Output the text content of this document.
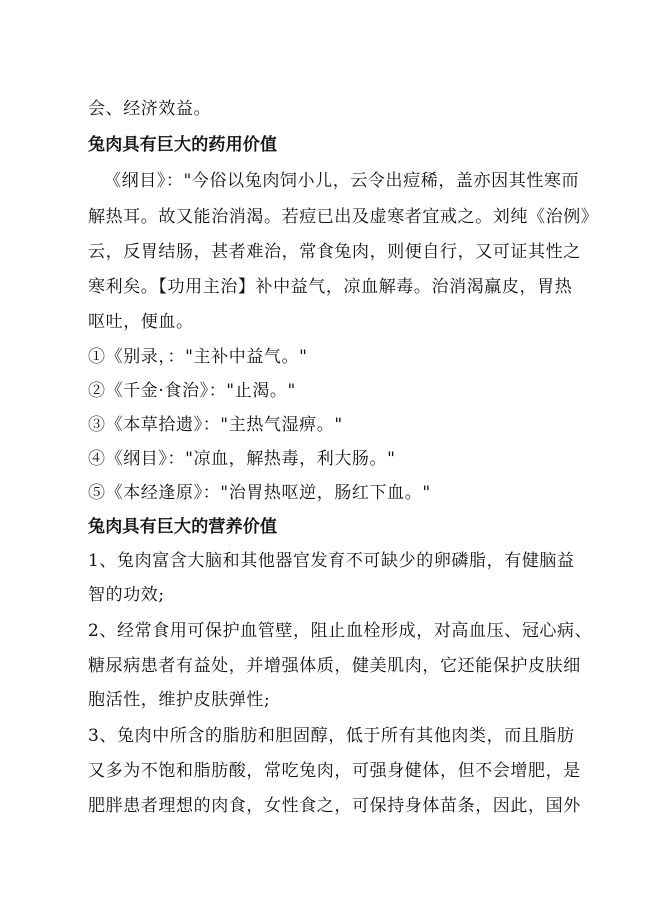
会、经济效益。
兔肉具有巨大的药用价值
《纲目》："今俗以兔肉饲小儿，云令出痘稀，盖亦因其性寒而
解热耳。故又能治消渴。若痘已出及虚寒者宜戒之。刘纯《治例》
云，反胃结肠，甚者难治，常食兔肉，则便自行，又可证其性之
寒利矣。【功用主治】补中益气，凉血解毒。治消渴羸皮，胃热
呕吐，便血。
①《别录，："主补中益气。"
②《千金·食治》："止渴。"
③《本草拾遗》："主热气湿痹。"
④《纲目》："凉血，解热毒，利大肠。"
⑤《本经逢原》："治胃热呕逆，肠红下血。"
兔肉具有巨大的营养价值
1、兔肉富含大脑和其他器官发育不可缺少的卵磷脂，有健脑益
智的功效;
2、经常食用可保护血管壁，阻止血栓形成，对高血压、冠心病、
糖尿病患者有益处，并增强体质，健美肌肉，它还能保护皮肤细
胞活性，维护皮肤弹性;
3、兔肉中所含的脂肪和胆固醇，低于所有其他肉类，而且脂肪
又多为不饱和脂肪酸，常吃兔肉，可强身健体，但不会增肥，是
肥胖患者理想的肉食，女性食之，可保持身体苗条，因此，国外
